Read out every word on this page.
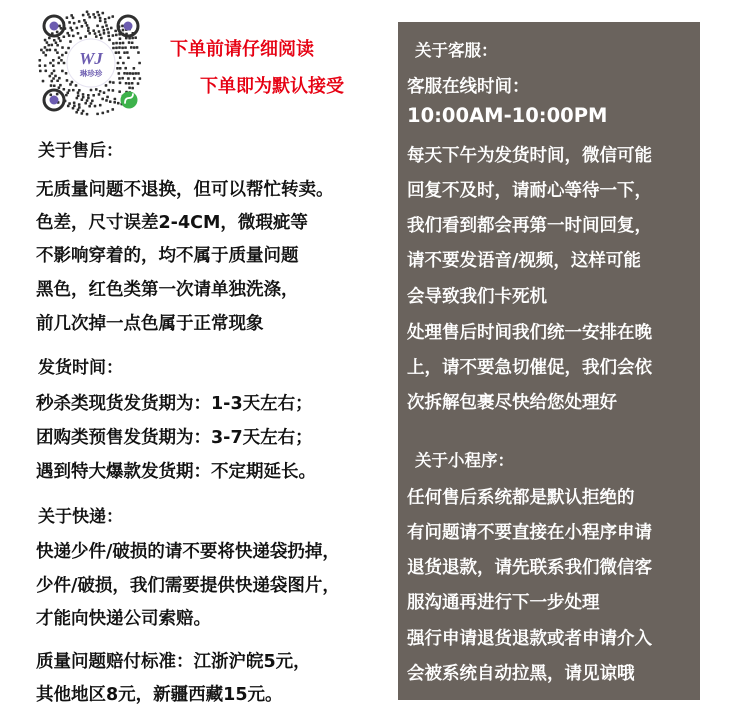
WJ
琳珍珍
下单前请仔细阅读
下单即为默认接受
关于售后：
无质量问题不退换，但可以帮忙转卖。
色差，尺寸误差2-4CM，微瑕疵等
不影响穿着的，均不属于质量问题
黑色，红色类第一次请单独洗涤，
前几次掉一点色属于正常现象
发货时间：
秒杀类现货发货期为：1-3天左右；
团购类预售发货期为：3-7天左右；
遇到特大爆款发货期：不定期延长。
关于快递：
快递少件/破损的请不要将快递袋扔掉，
少件/破损，我们需要提供快递袋图片，
才能向快递公司索赔。
质量问题赔付标准：江浙沪皖5元，
其他地区8元，新疆西藏15元。
关于客服：
客服在线时间：
10:00AM-10:00PM
每天下午为发货时间，微信可能
回复不及时，请耐心等待一下，
我们看到都会再第一时间回复，
请不要发语音/视频，这样可能
会导致我们卡死机
处理售后时间我们统一安排在晚
上，请不要急切催促，我们会依
次拆解包裹尽快给您处理好
关于小程序：
任何售后系统都是默认拒绝的
有问题请不要直接在小程序申请
退货退款，请先联系我们微信客
服沟通再进行下一步处理
强行申请退货退款或者申请介入
会被系统自动拉黑，请见谅哦
